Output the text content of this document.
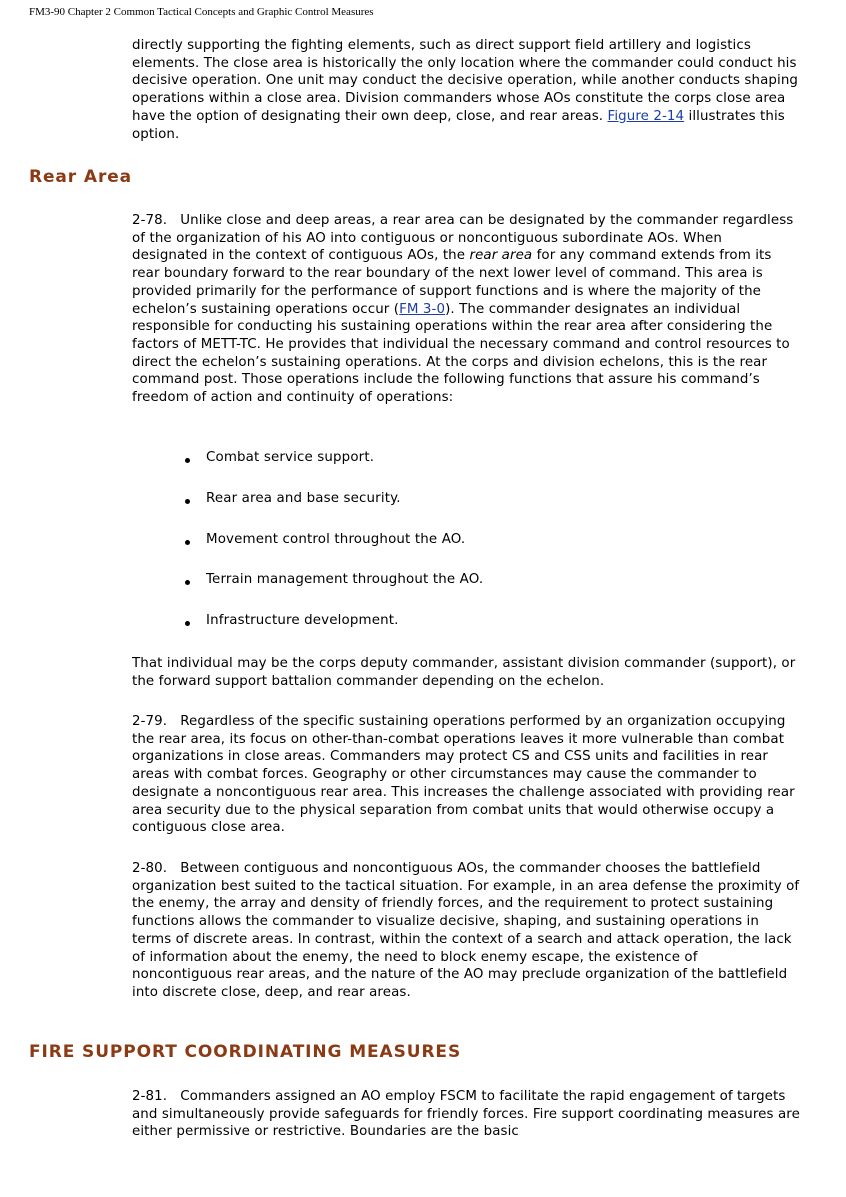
FM3-90 Chapter 2 Common Tactical Concepts and Graphic Control Measures

directly supporting the fighting elements, such as direct support field artillery and logistics elements. The close area is historically the only location where the commander could conduct his decisive operation. One unit may conduct the decisive operation, while another conducts shaping operations within a close area. Division commanders whose AOs constitute the corps close area have the option of designating their own deep, close, and rear areas. Figure 2-14 illustrates this option.

Rear Area

2-78. Unlike close and deep areas, a rear area can be designated by the commander regardless of the organization of his AO into contiguous or noncontiguous subordinate AOs. When designated in the context of contiguous AOs, the rear area for any command extends from its rear boundary forward to the rear boundary of the next lower level of command. This area is provided primarily for the performance of support functions and is where the majority of the echelon’s sustaining operations occur (FM 3-0). The commander designates an individual responsible for conducting his sustaining operations within the rear area after considering the factors of METT-TC. He provides that individual the necessary command and control resources to direct the echelon’s sustaining operations. At the corps and division echelons, this is the rear command post. Those operations include the following functions that assure his command’s freedom of action and continuity of operations:

Combat service support.
Rear area and base security.
Movement control throughout the AO.
Terrain management throughout the AO.
Infrastructure development.

That individual may be the corps deputy commander, assistant division commander (support), or the forward support battalion commander depending on the echelon.

2-79. Regardless of the specific sustaining operations performed by an organization occupying the rear area, its focus on other-than-combat operations leaves it more vulnerable than combat organizations in close areas. Commanders may protect CS and CSS units and facilities in rear areas with combat forces. Geography or other circumstances may cause the commander to designate a noncontiguous rear area. This increases the challenge associated with providing rear area security due to the physical separation from combat units that would otherwise occupy a contiguous close area.

2-80. Between contiguous and noncontiguous AOs, the commander chooses the battlefield organization best suited to the tactical situation. For example, in an area defense the proximity of the enemy, the array and density of friendly forces, and the requirement to protect sustaining functions allows the commander to visualize decisive, shaping, and sustaining operations in terms of discrete areas. In contrast, within the context of a search and attack operation, the lack of information about the enemy, the need to block enemy escape, the existence of noncontiguous rear areas, and the nature of the AO may preclude organization of the battlefield into discrete close, deep, and rear areas.

FIRE SUPPORT COORDINATING MEASURES

2-81. Commanders assigned an AO employ FSCM to facilitate the rapid engagement of targets and simultaneously provide safeguards for friendly forces. Fire support coordinating measures are either permissive or restrictive. Boundaries are the basic
